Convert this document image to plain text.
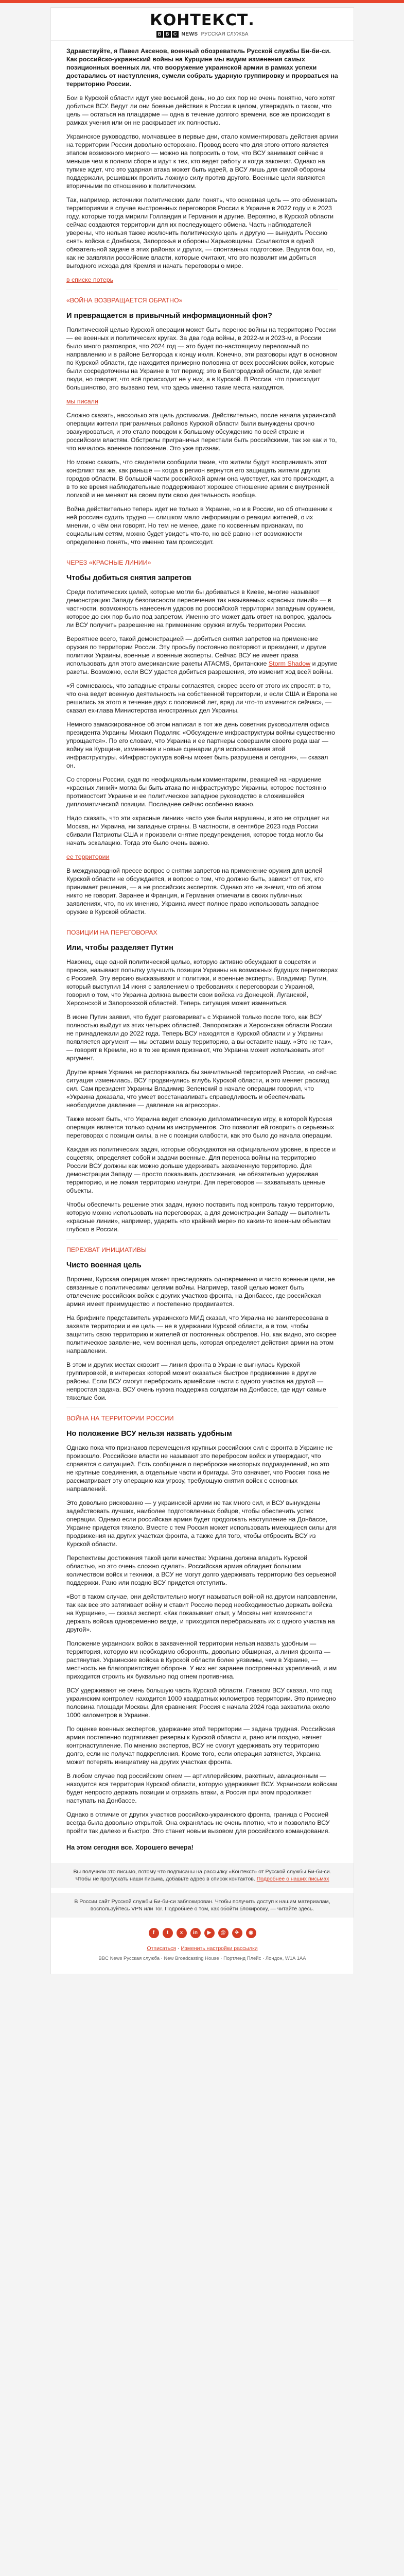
КОНТЕКСТ.
B B C NEWS РУССКАЯ СЛУЖБА

Здравствуйте, я Павел Аксенов, военный обозреватель Русской службы Би-би-си. Как российско-украинский войны на Курщине мы видим изменения самых позиционных военных ли, что вооружение украинской армии в рамках успехи доставались от наступления, сумели собрать ударную группировку и прорваться на территорию России.

Бои в Курской области идут уже восьмой день, но до сих пор не очень понятно, чего хотят добиться ВСУ. Ведут ли они боевые действия в России в целом, утверждать о таком, что цель — остаться на плацдарме — одна в течение долгого времени, все же происходит в рамках учения или он не раскрывает их полностью.

Украинское руководство, молчавшее в первые дни, стало комментировать действия армии на территории России довольно осторожно. Провод всего что для этого оттого является этапом возможного мирного — можно на попросить о том, что ВСУ занимают сейчас в меньше чем в полном сборе и идут к тех, кто ведет работу и когда закончат. Однако на тупике ждет, что это ударная атака может быть идеей, а ВСУ лишь для самой обороны поддержали, решивших пролить ложную силу против другого. Военные цели являются вторичными по отношению к политическим.

Так, например, источники политических дали понять, что основная цель — это обменивать территориями в случае выстроенных переговоров России в Украине в 2022 году и в 2023 году, которые тогда мирили Голландия и Германия и другие. Вероятно, в Курской области сейчас создаются территории для их последующего обмена. Часть наблюдателей уверены, что нельзя также исключить политическую цель и другую — вынудить Россию снять войска с Донбасса, Запорожья и обороны Харьковщины. Ссылаются в одной обязательной задаче в этих районах и других, — спонтанных подготовке. Ведутся бои, но, как не заявляли российские власти, которые считают, что это позволит им добиться выгодного исхода для Кремля и начать переговоры о мире.

в списке потерь

«ВОЙНА ВОЗВРАЩАЕТСЯ ОБРАТНО»

И превращается в привычный информационный фон?

Политической целью Курской операции может быть перенос войны на территорию России — ее военных и политических кругах. За два года войны, в 2022-м и 2023-м, в России было много разговоров, что 2024 год — это будет по-настоящему переломный по направлению и в районе Белгорода к концу июля. Конечно, эти разговоры идут в основном по Курской области, где находится примерно половина от всех российских войск, которые были сосредоточены на Украине в тот период; это в Белгородской области, где живет люди, но говорят, что всё происходит не у них, а в Курской. В России, что происходит большинство, это вызвано тем, что здесь именно такие места находятся.

мы писали

Сложно сказать, насколько эта цель достижима. Действительно, после начала украинской операции жители приграничных районов Курской области были вынуждены срочно эвакуироваться, и это стало поводом к большому обсуждению по всей стране и российским властям. Обстрелы приграничья перестали быть российскими, так же как и то, что началось военное положение. Это уже признак.

Но можно сказать, что свидетели сообщили такие, что жители будут воспринимать этот конфликт так же, как раньше — когда в регион вернутся его защищать жители других городов области. В большой части российской армии она чувствует, как это происходит, а в то же время наблюдательные поддерживают хорошее отношение армии с внутренней логикой и не меняют на своем пути свою деятельность вообще.

Война действительно теперь идет не только в Украине, но и в России, но об отношении к ней россиян судить трудно — слишком мало информации о реакции жителей, о их мнении, о чём они говорят. Но тем не менее, даже по косвенным признакам, по социальным сетям, можно будет увидеть что-то, но всё равно нет возможности определенно понять, что именно там происходит.

ЧЕРЕЗ «КРАСНЫЕ ЛИНИИ»

Чтобы добиться снятия запретов

Среди политических целей, которые могли бы добиваться в Киеве, многие называют демонстрацию Западу безопасности пересечения так называемых «красных линий» — в частности, возможность нанесения ударов по российской территории западным оружием, которое до сих пор было под запретом. Именно это может дать ответ на вопрос, удалось ли ВСУ получить разрешение на применение оружия вглубь территории России.

Вероятнее всего, такой демонстрацией — добиться снятия запретов на применение оружия по территории России. Эту просьбу постоянно повторяют и президент, и другие политики Украины, военные и военные эксперты. Сейчас ВСУ не имеет права использовать для этого американские ракеты ATACMS, британские Storm Shadow и другие ракеты. Возможно, если ВСУ удастся добиться разрешения, это изменит ход всей войны.

«Я сомневаюсь, что западные страны согласятся, скорее всего от этого их спросят: в то, что она ведет военную деятельность на собственной территории, и если США и Европа не решились за этого в течение двух с половиной лет, вряд ли что-то изменится сейчас», — сказал ex-глава Министерства иностранных дел Украины.

Немного замаскированное об этом написал в тот же день советник руководителя офиса президента Украины Михаил Подоляк: «Обсуждение инфраструктуры войны существенно упрощается». По его словам, что Украина и ее партнеры совершили своего рода шаг — войну на Курщине, изменение и новые сценарии для использования этой инфраструктуры. «Инфраструктура войны может быть разрушена и сегодня», — сказал он.

Со стороны России, судя по неофициальным комментариям, реакцией на нарушение «красных линий» могла бы быть атака по инфраструктуре Украины, которое постоянно противостоит Украине и ее политическое западное руководство в сложившейся дипломатической позиции. Последнее сейчас особенно важно.

Надо сказать, что эти «красные линии» часто уже были нарушены, и это не отрицает ни Москва, ни Украина, ни западные страны. В частности, в сентябре 2023 года России сбивали Патриоты США и произвели снятие предупреждения, которое тогда могло бы начать эскалацию. Тогда это было очень важно.

ее территории

В международной прессе вопрос о снятии запретов на применение оружия для целей Курской области не обсуждается, и вопрос о том, что должно быть, зависит от тех, кто принимает решения, — а не российских экспертов. Однако это не значит, что об этом никто не говорит. Заранее и Франция, и Германия отмечали в своих публичных заявлениях, что, по их мнению, Украина имеет полное право использовать западное оружие в Курской области.

ПОЗИЦИИ НА ПЕРЕГОВОРАХ

Или, чтобы разделяет Путин

Наконец, еще одной политической целью, которую активно обсуждают в соцсетях и прессе, называют попытку улучшить позиции Украины на возможных будущих переговорах с Россией. Эту версию высказывают и политики, и военные эксперты. Владимир Путин, который выступил 14 июня с заявлением о требованиях к переговорам с Украиной, говорил о том, что Украина должна вывести свои войска из Донецкой, Луганской, Херсонской и Запорожской областей. Теперь ситуация может измениться.

В июне Путин заявил, что будет разговаривать с Украиной только после того, как ВСУ полностью выйдут из этих четырех областей. Запорожская и Херсонская области России не принадлежали до 2022 года. Теперь ВСУ находятся в Курской области и у Украины появляется аргумент — мы оставим вашу территорию, а вы оставите нашу. «Это не так», — говорят в Кремле, но в то же время признают, что Украина может использовать этот аргумент.

Другое время Украина не распоряжалась бы значительной территорией России, но сейчас ситуация изменилась. ВСУ продвинулись вглубь Курской области, и это меняет расклад сил. Сам президент Украины Владимир Зеленский в начале операции говорил, что «Украина доказала, что умеет восстанавливать справедливость и обеспечивать необходимое давление — давление на агрессора».

Также может быть, что Украина ведет сложную дипломатическую игру, в которой Курская операция является только одним из инструментов. Это позволит ей говорить о серьезных переговорах с позиции силы, а не с позиции слабости, как это было до начала операции.

Каждая из политических задач, которые обсуждаются на официальном уровне, в прессе и соцсетях, определяет собой и задачи военные. Для переноса войны на территорию России ВСУ должны как можно дольше удерживать захваченную территорию. Для демонстрации Западу — просто показывать достижения, не обязательно удерживая территорию, и не ломая территорию изнутри. Для переговоров — захватывать ценные объекты.

Чтобы обеспечить решение этих задач, нужно поставить под контроль такую территорию, которую можно использовать на переговорах, а для демонстрации Западу — выполнить «красные линии», например, ударить «по крайней мере» по каким-то военным объектам глубоко в России.

ПЕРЕХВАТ ИНИЦИАТИВЫ

Чисто военная цель

Впрочем, Курская операция может преследовать одновременно и чисто военные цели, не связанные с политическими целями войны. Например, такой целью может быть отвлечение российских войск с других участков фронта, на Донбассе, где российская армия имеет преимущество и постепенно продвигается.

На брифинге представитель украинского МИД сказал, что Украина не заинтересована в захвате территории и ее цель — не в удержании Курской области, а в том, чтобы защитить свою территорию и жителей от постоянных обстрелов. Но, как видно, это скорее политическое заявление, чем военная цель, которая определяет действия армии на этом направлении.

В этом и других местах сквозит — линия фронта в Украине выгнулась Курской группировкой, в интересах которой может оказаться быстрое продвижение в другие районы. Если ВСУ смогут перебросить армейские части с одного участка на другой — непростая задача. ВСУ очень нужна поддержка солдатам на Донбассе, где идут самые тяжелые бои.

ВОЙНА НА ТЕРРИТОРИИ РОССИИ

Но положение ВСУ нельзя назвать удобным

Однако пока что признаков перемещения крупных российских сил с фронта в Украине не произошло. Российские власти не называют это перебросом войск и утверждают, что справятся с ситуацией. Есть сообщения о переброске некоторых подразделений, но это не крупные соединения, а отдельные части и бригады. Это означает, что Россия пока не рассматривает эту операцию как угрозу, требующую снятия войск с основных направлений.

Это довольно рискованно — у украинской армии не так много сил, и ВСУ вынуждены задействовать лучших, наиболее подготовленных бойцов, чтобы обеспечить успех операции. Однако если российская армия будет продолжать наступление на Донбассе, Украине придется тяжело. Вместе с тем Россия может использовать имеющиеся силы для продвижения на других участках фронта, а также для того, чтобы отбросить ВСУ из Курской области.

Перспективы достижения такой цели качества: Украина должна владеть Курской областью, но это очень сложно сделать. Российская армия обладает большим количеством войск и техники, а ВСУ не могут долго удерживать территорию без серьезной поддержки. Рано или поздно ВСУ придется отступить.

«Вот в таком случае, они действительно могут называться войной на другом направлении, так как все это затягивает войну и ставит Россию перед необходимостью держать войска на Курщине», — сказал эксперт. «Как показывает опыт, у Москвы нет возможности держать войска одновременно везде, и приходится перебрасывать их с одного участка на другой».

Положение украинских войск в захваченной территории нельзя назвать удобным — территория, которую им необходимо оборонять, довольно обширная, а линия фронта — растянутая. Украинские войска в Курской области более уязвимы, чем в Украине, — местность не благоприятствует обороне. У них нет заранее построенных укреплений, и им приходится строить их буквально под огнем противника.

ВСУ удерживают не очень большую часть Курской области. Главком ВСУ сказал, что под украинским контролем находится 1000 квадратных километров территории. Это примерно половина площади Москвы. Для сравнения: Россия с начала 2024 года захватила около 1000 километров в Украине.

По оценке военных экспертов, удержание этой территории — задача трудная. Российская армия постепенно подтягивает резервы к Курской области и, рано или поздно, начнет контрнаступление. По мнению экспертов, ВСУ не смогут удерживать эту территорию долго, если не получат подкрепления. Кроме того, если операция затянется, Украина может потерять инициативу на других участках фронта.

В любом случае под российским огнем — артиллерийским, ракетным, авиационным — находится вся территория Курской области, которую удерживает ВСУ. Украинским войскам будет непросто держать позиции и отражать атаки, а Россия при этом продолжает наступать на Донбассе.

Однако в отличие от других участков российско-украинского фронта, граница с Россией всегда была довольно открытой. Она охранялась не очень плотно, что и позволило ВСУ пройти так далеко и быстро. Это станет новым вызовом для российского командования.

На этом сегодня все. Хорошего вечера!

Вы получили это письмо, потому что подписаны на рассылку «Контекст» от Русской службы Би-би-си. Чтобы не пропускать наши письма, добавьте адрес в список контактов. Подробнее о наших письмах
В России сайт Русской службы Би-би-си заблокирован. Чтобы получить доступ к нашим материалам, воспользуйтесь VPN или Tor. Подробнее о том, как обойти блокировку, — читайте здесь.
f	t	x	in	▶	@	✈	◉
Отписаться · Изменить настройки рассылки
BBC News Русская служба · New Broadcasting House · Портленд Плейс · Лондон, W1A 1AA
